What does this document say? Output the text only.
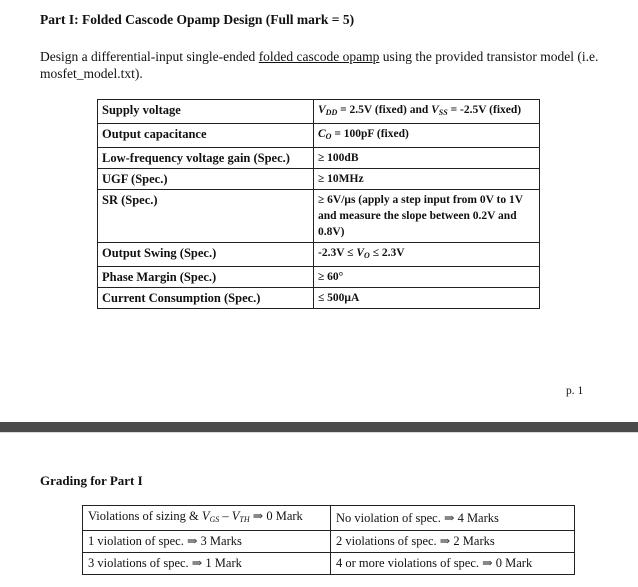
Part I: Folded Cascode Opamp Design (Full mark = 5)
Design a differential-input single-ended folded cascode opamp using the provided transistor model (i.e. mosfet_model.txt).
Supply voltage	$V_{DD} = 2.5V$ (fixed) and $V_{SS} = -2.5V$ (fixed)
Output capacitance	$C_O = 100pF$ (fixed)
Low-frequency voltage gain (Spec.)	≥ 100dB
UGF (Spec.)	≥ 10MHz
SR (Spec.)	≥ 6V/μs (apply a step input from 0V to 1V and measure the slope between 0.2V and 0.8V)
Output Swing (Spec.)	$-2.3V \le V_O \le 2.3V$
Phase Margin (Spec.)	≥ 60°
Current Consumption (Spec.)	≤ 500μA
p. 1
Grading for Part I
Violations of sizing & $V_{GS} - V_{TH}$ ⇒ 0 Mark	No violation of spec. ⇒ 4 Marks
1 violation of spec. ⇒ 3 Marks	2 violations of spec. ⇒ 2 Marks
3 violations of spec. ⇒ 1 Mark	4 or more violations of spec. ⇒ 0 Mark
